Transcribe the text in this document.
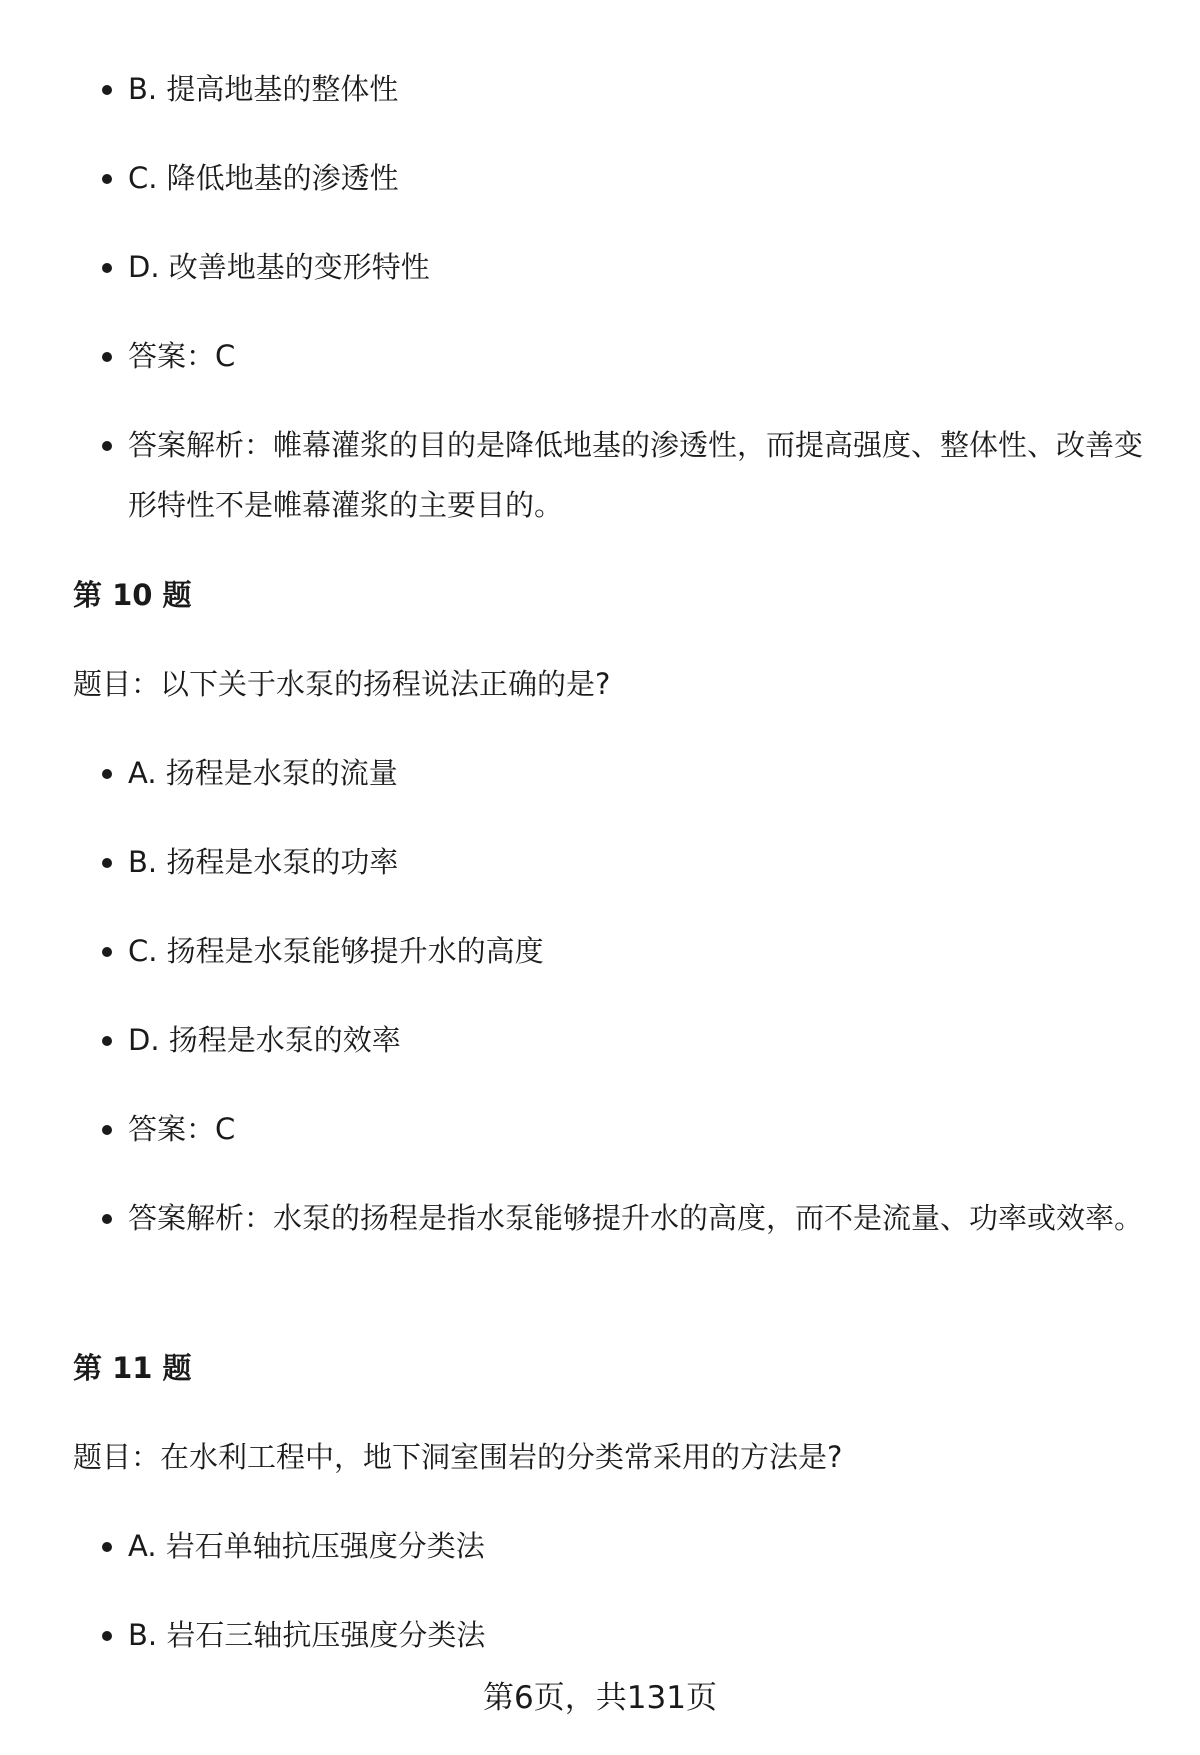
B. 提高地基的整体性
C. 降低地基的渗透性
D. 改善地基的变形特性
答案：C
答案解析：帷幕灌浆的目的是降低地基的渗透性，而提高强度、整体性、改善变形特性不是帷幕灌浆的主要目的。
第 10 题
题目：以下关于水泵的扬程说法正确的是?
A. 扬程是水泵的流量
B. 扬程是水泵的功率
C. 扬程是水泵能够提升水的高度
D. 扬程是水泵的效率
答案：C
答案解析：水泵的扬程是指水泵能够提升水的高度，而不是流量、功率或效率。
第 11 题
题目：在水利工程中，地下洞室围岩的分类常采用的方法是?
A. 岩石单轴抗压强度分类法
B. 岩石三轴抗压强度分类法
第6页，共131页
